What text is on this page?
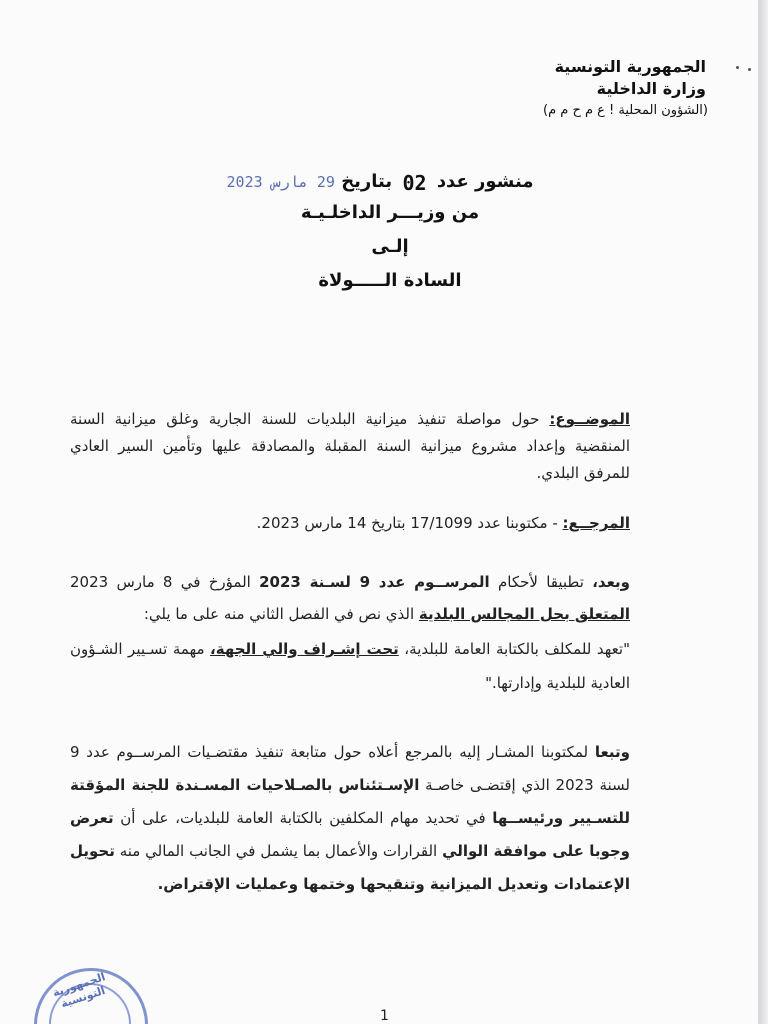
الجمهورية التونسية
وزارة الداخلية
(الشؤون المحلية ! ع م ح م م)
منشور عدد 02 بتاريخ 29 مارس 2023
من وزيـــر الداخلـيـة
إلـى
السادة الـــــولاة
الموضــوع: حول مواصلة تنفيذ ميزانية البلديات للسنة الجارية وغلق ميزانية السنة المنقضية وإعداد مشروع ميزانية السنة المقبلة والمصادقة عليها وتأمين السير العادي للمرفق البلدي.
المرجــع: - مكتوبنا عدد 17/1099 بتاريخ 14 مارس 2023.
وبعد، تطبيقا لأحكام المرســوم عدد 9 لسـنة 2023 المؤرخ في 8 مارس 2023 المتعلق بحل المجالس البلدية الذي نص في الفصل الثاني منه على ما يلي:
"تعهد للمكلف بالكتابة العامة للبلدية، تحت إشـراف والي الجهة، مهمة تسـيير الشـؤون العادية للبلدية وإدارتها."
وتبعا لمكتوبنا المشـار إليه بالمرجع أعلاه حول متابعة تنفيذ مقتضـيات المرســوم عدد 9 لسنة 2023 الذي إقتضـى خاصـة الإسـتئناس بالصـلاحيات المسـندة للجنة المؤقتة للتسـيير ورئيســها في تحديد مهام المكلفين بالكتابة العامة للبلديات، على أن تعرض وجوبا على موافقة الوالي القرارات والأعمال بما يشمل في الجانب المالي منه تحويل الإعتمادات وتعديل الميزانية وتنقيحها وختمها وعمليات الإقتراض.
الجمهورية التونسية
1
